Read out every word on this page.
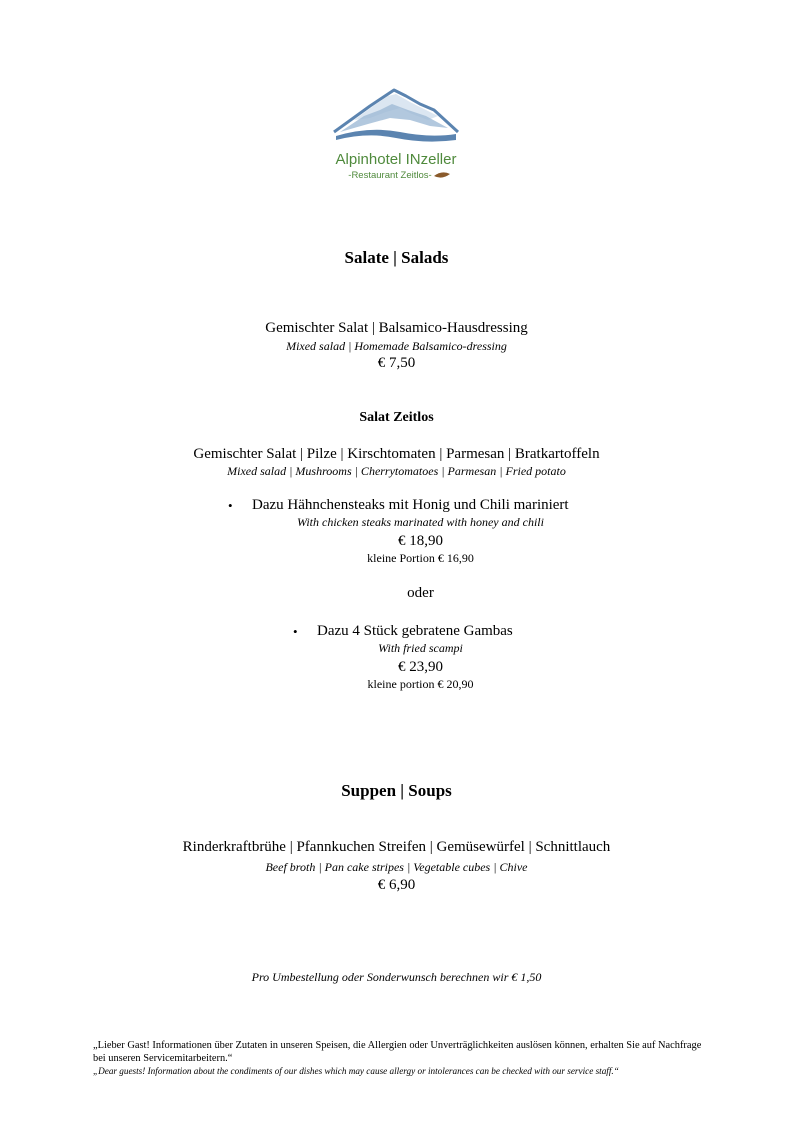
Alpinhotel INzeller
-Restaurant Zeitlos-
Salate | Salads
Gemischter Salat | Balsamico-Hausdressing
Mixed salad | Homemade Balsamico-dressing
€ 7,50
Salat Zeitlos
Gemischter Salat | Pilze | Kirschtomaten | Parmesan | Bratkartoffeln
Mixed salad | Mushrooms | Cherrytomatoes | Parmesan | Fried potato
• Dazu Hähnchensteaks mit Honig und Chili mariniert
With chicken steaks marinated with honey and chili
€ 18,90
kleine Portion € 16,90
oder
• Dazu 4 Stück gebratene Gambas
With fried scampi
€ 23,90
kleine portion € 20,90
Suppen | Soups
Rinderkraftbrühe | Pfannkuchen Streifen | Gemüsewürfel | Schnittlauch
Beef broth | Pan cake stripes | Vegetable cubes | Chive
€ 6,90
Pro Umbestellung oder Sonderwunsch berechnen wir € 1,50
„Lieber Gast! Informationen über Zutaten in unseren Speisen, die Allergien oder Unverträglichkeiten auslösen können, erhalten Sie auf Nachfrage bei unseren Servicemitarbeitern.“
„Dear guests! Information about the condiments of our dishes which may cause allergy or intolerances can be checked with our service staff.“
